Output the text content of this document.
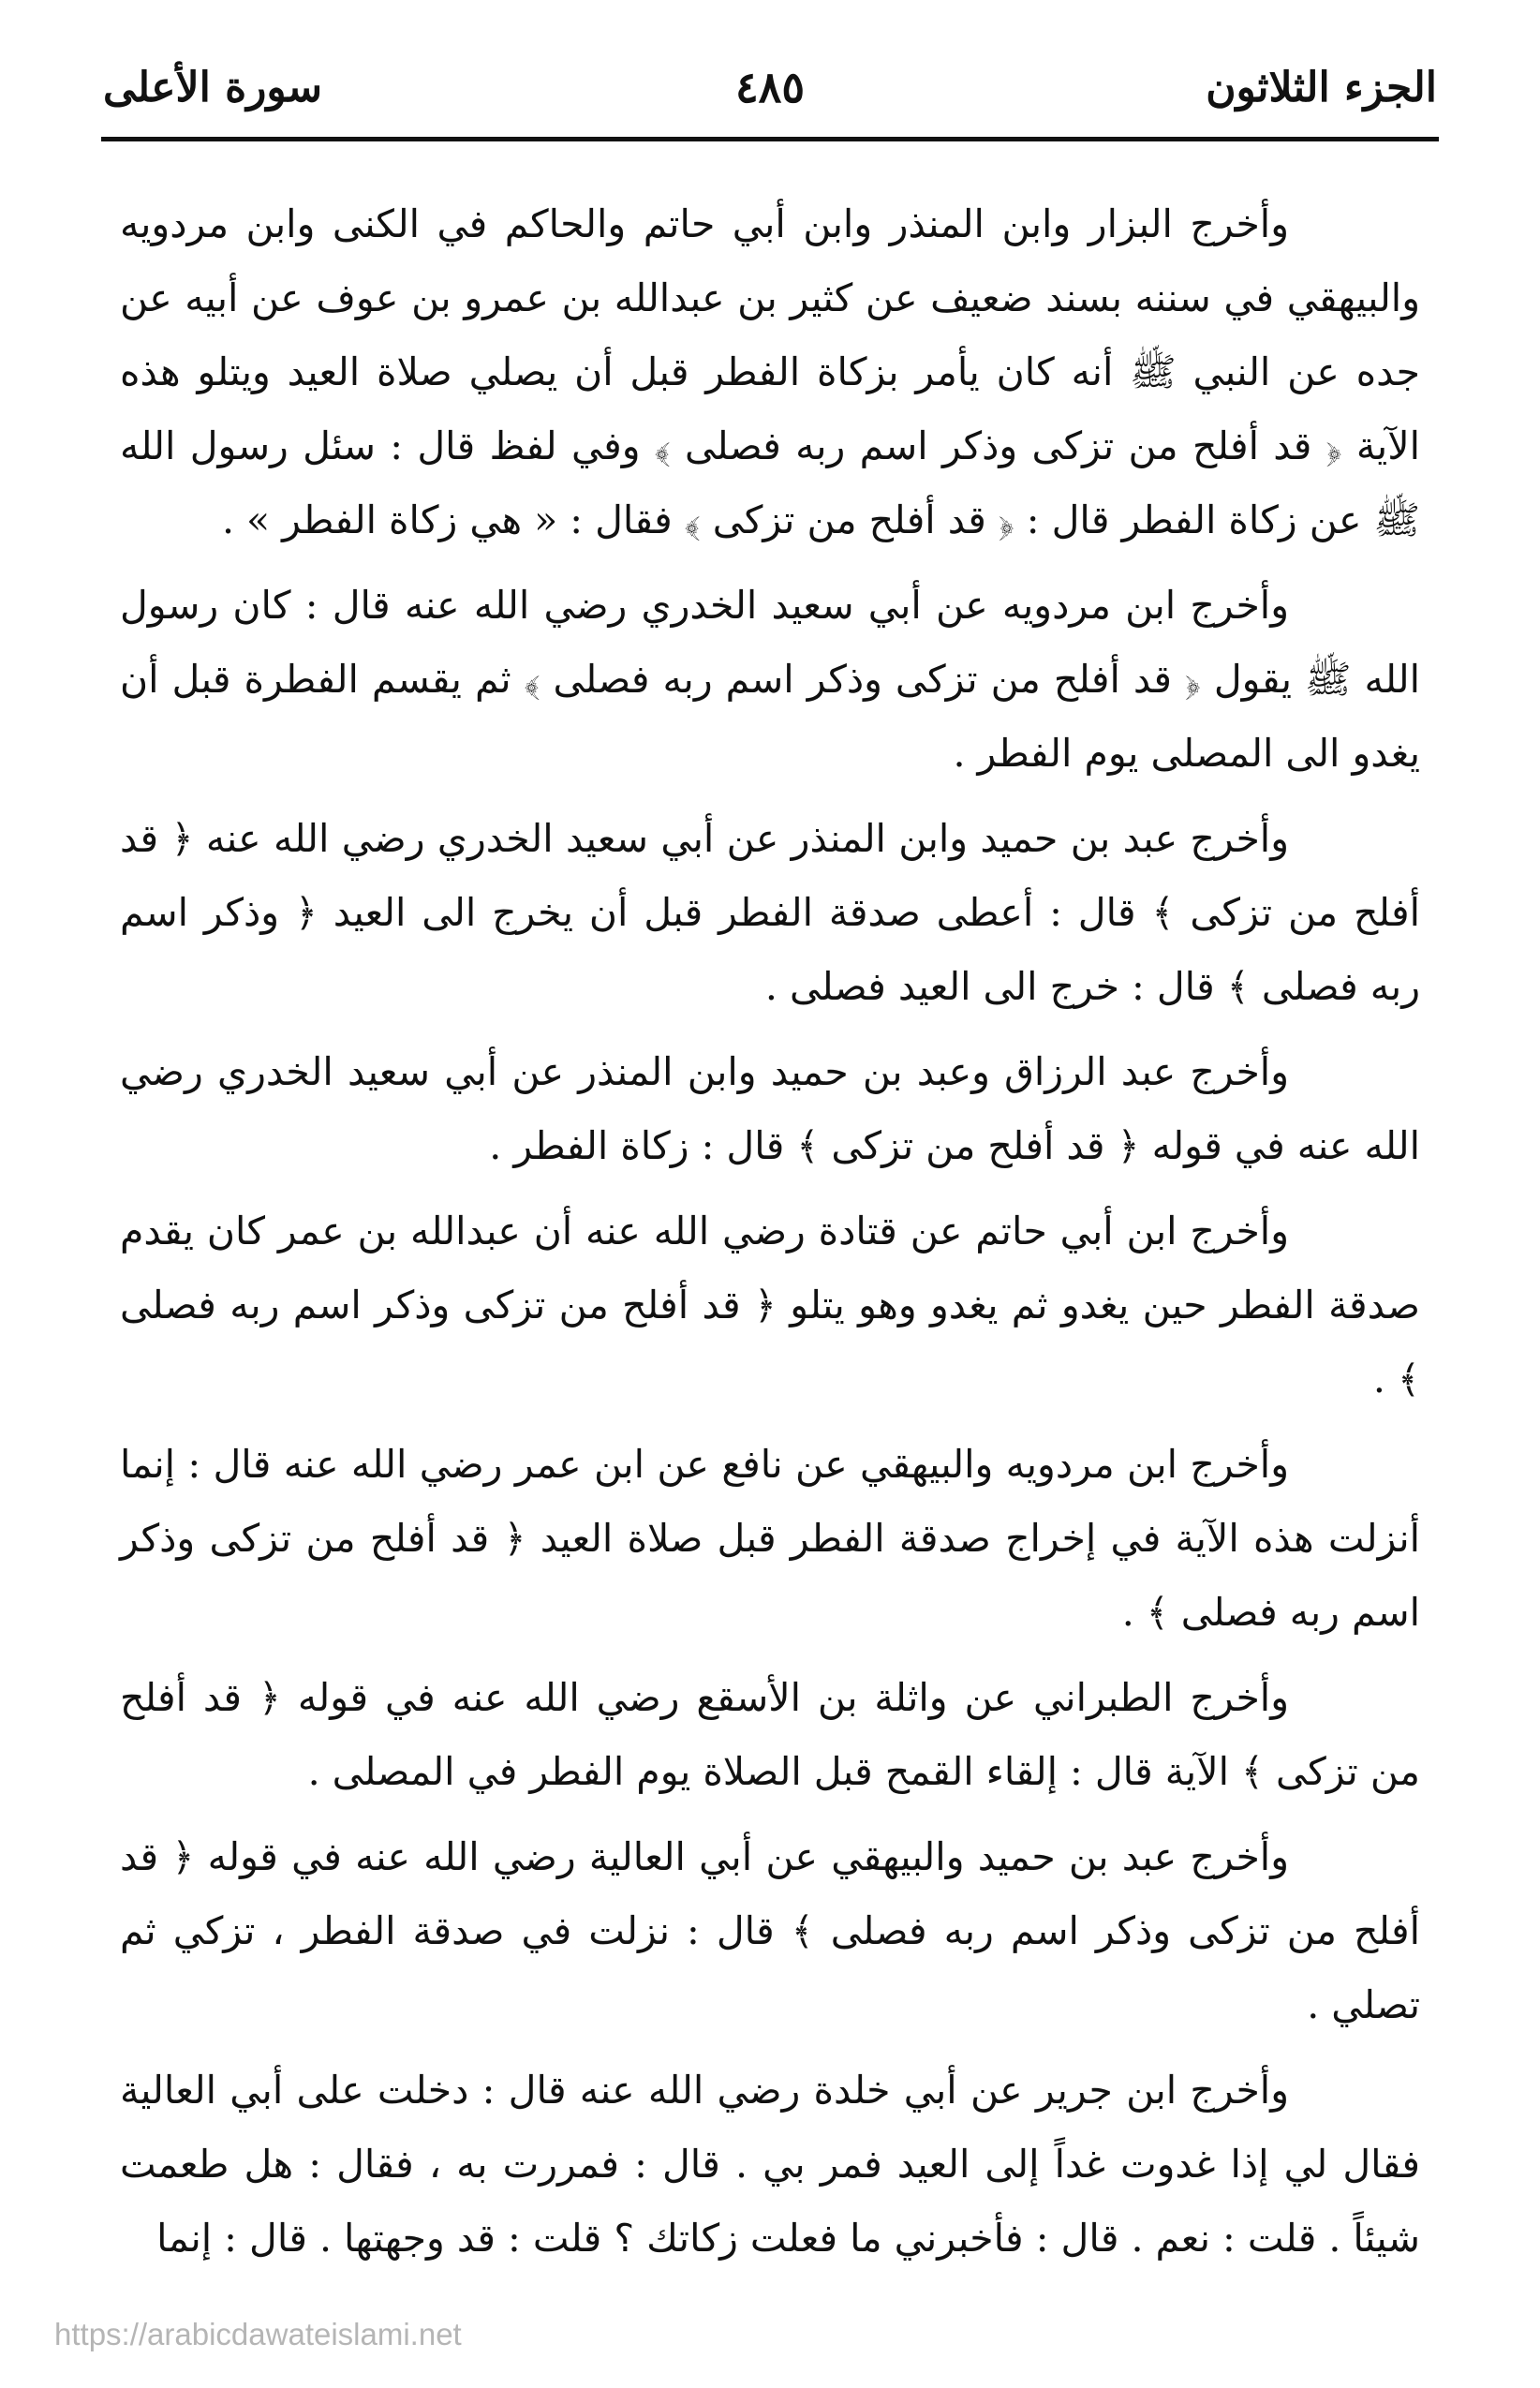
الجزء الثلاثون
٤٨٥
سورة الأعلى

وأخرج البزار وابن المنذر وابن أبي حاتم والحاكم في الكنى وابن مردويه والبيهقي في سننه بسند ضعيف عن كثير بن عبدالله بن عمرو بن عوف عن أبيه عن جده عن النبي ﷺ أنه كان يأمر بزكاة الفطر قبل أن يصلي صلاة العيد ويتلو هذه الآية ﴿ قد أفلح من تزكى وذكر اسم ربه فصلى ﴾ وفي لفظ قال : سئل رسول الله ﷺ عن زكاة الفطر قال : ﴿ قد أفلح من تزكى ﴾ فقال : « هي زكاة الفطر » .

وأخرج ابن مردويه عن أبي سعيد الخدري رضي الله عنه قال : كان رسول الله ﷺ يقول ﴿ قد أفلح من تزكى وذكر اسم ربه فصلى ﴾ ثم يقسم الفطرة قبل أن يغدو الى المصلى يوم الفطر .

وأخرج عبد بن حميد وابن المنذر عن أبي سعيد الخدري رضي الله عنه ﴿ قد أفلح من تزكى ﴾ قال : أعطى صدقة الفطر قبل أن يخرج الى العيد ﴿ وذكر اسم ربه فصلى ﴾ قال : خرج الى العيد فصلى .

وأخرج عبد الرزاق وعبد بن حميد وابن المنذر عن أبي سعيد الخدري رضي الله عنه في قوله ﴿ قد أفلح من تزكى ﴾ قال : زكاة الفطر .

وأخرج ابن أبي حاتم عن قتادة رضي الله عنه أن عبدالله بن عمر كان يقدم صدقة الفطر حين يغدو ثم يغدو وهو يتلو ﴿ قد أفلح من تزكى وذكر اسم ربه فصلى ﴾ .

وأخرج ابن مردويه والبيهقي عن نافع عن ابن عمر رضي الله عنه قال : إنما أنزلت هذه الآية في إخراج صدقة الفطر قبل صلاة العيد ﴿ قد أفلح من تزكى وذكر اسم ربه فصلى ﴾ .

وأخرج الطبراني عن واثلة بن الأسقع رضي الله عنه في قوله ﴿ قد أفلح من تزكى ﴾ الآية قال : إلقاء القمح قبل الصلاة يوم الفطر في المصلى .

وأخرج عبد بن حميد والبيهقي عن أبي العالية رضي الله عنه في قوله ﴿ قد أفلح من تزكى وذكر اسم ربه فصلى ﴾ قال : نزلت في صدقة الفطر ، تزكي ثم تصلي .

وأخرج ابن جرير عن أبي خلدة رضي الله عنه قال : دخلت على أبي العالية فقال لي إذا غدوت غداً إلى العيد فمر بي . قال : فمررت به ، فقال : هل طعمت شيئاً . قلت : نعم . قال : فأخبرني ما فعلت زكاتك ؟ قلت : قد وجهتها . قال : إنما

https://arabicdawateislami.net
